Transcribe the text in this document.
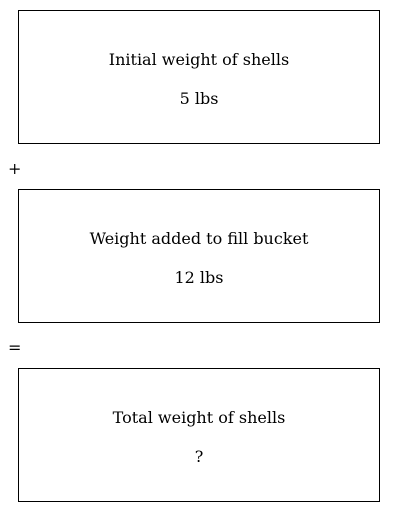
Initial weight of shells
5 lbs
+
Weight added to fill bucket
12 lbs
=
Total weight of shells
?
